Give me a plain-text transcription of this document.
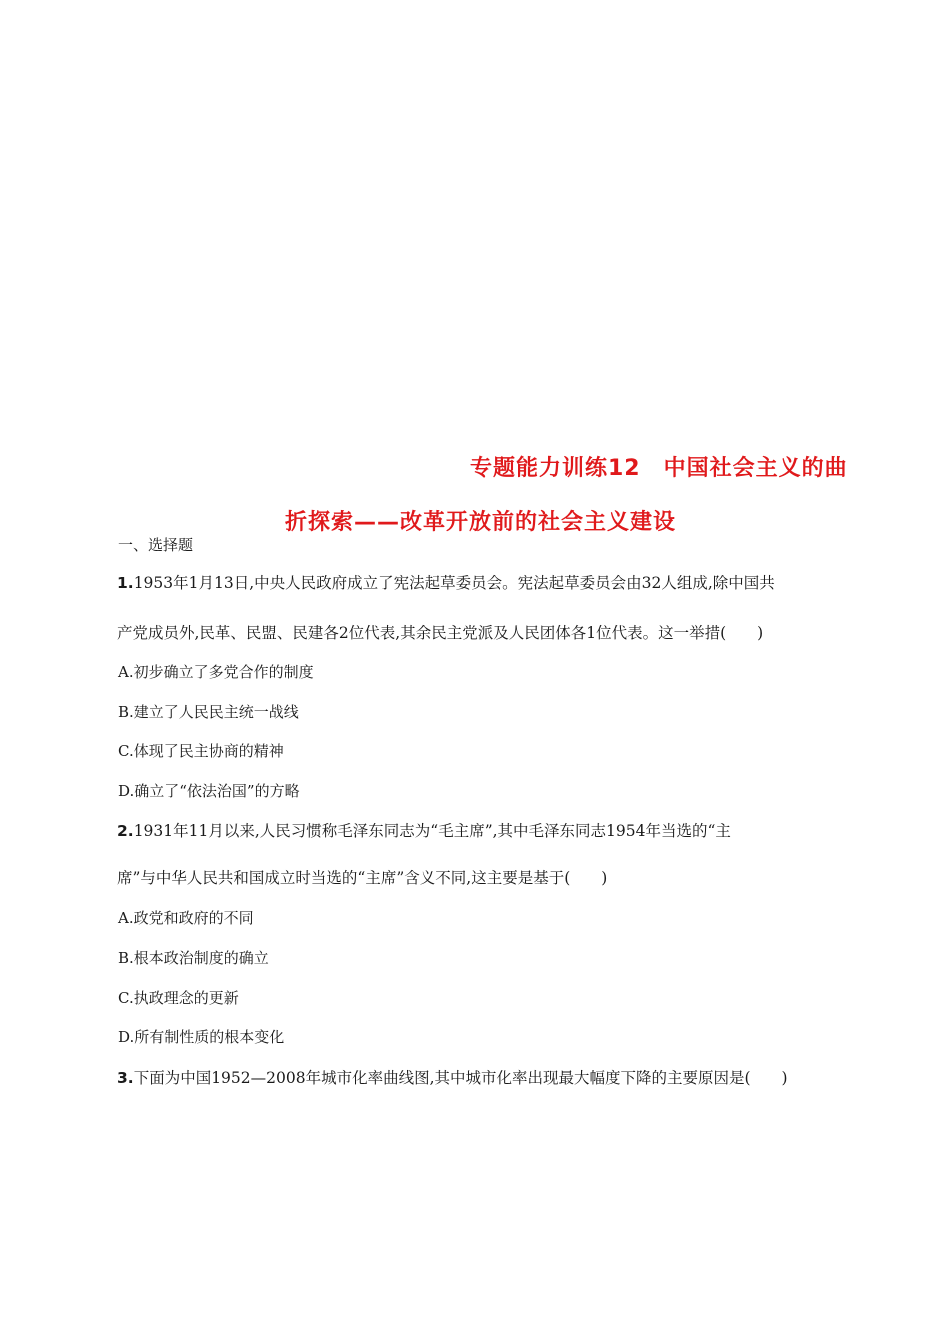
专题能力训练12　中国社会主义的曲
折探索——改革开放前的社会主义建设
一、选择题
1.1953年1月13日,中央人民政府成立了宪法起草委员会。宪法起草委员会由32人组成,除中国共
产党成员外,民革、民盟、民建各2位代表,其余民主党派及人民团体各1位代表。这一举措(　　)
A.初步确立了多党合作的制度
B.建立了人民民主统一战线
C.体现了民主协商的精神
D.确立了“依法治国”的方略
2.1931年11月以来,人民习惯称毛泽东同志为“毛主席”,其中毛泽东同志1954年当选的“主
席”与中华人民共和国成立时当选的“主席”含义不同,这主要是基于(　　)
A.政党和政府的不同
B.根本政治制度的确立
C.执政理念的更新
D.所有制性质的根本变化
3.下面为中国1952—2008年城市化率曲线图,其中城市化率出现最大幅度下降的主要原因是(　　)
